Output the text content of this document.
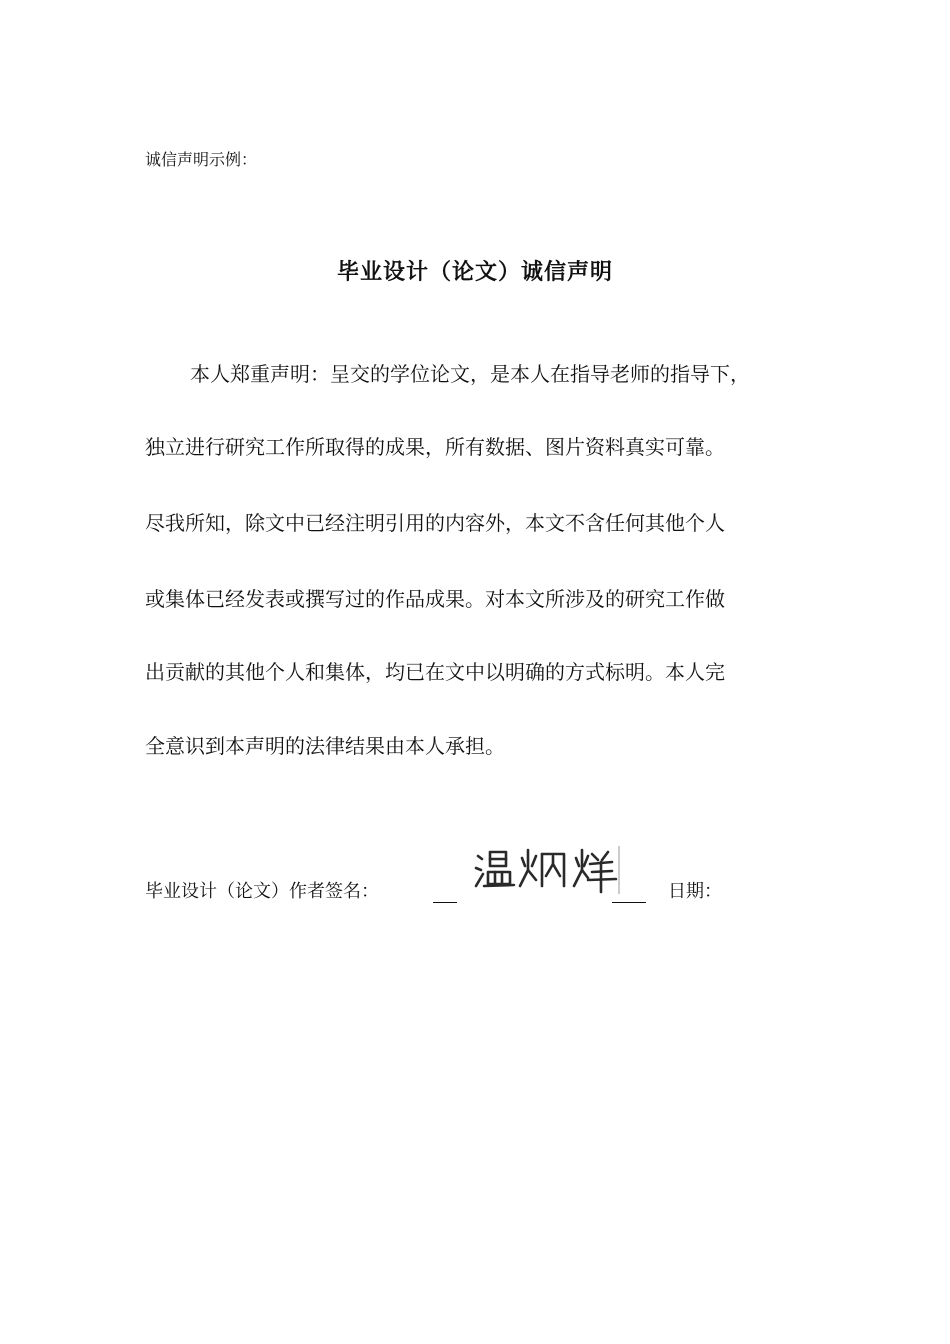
诚信声明示例：
毕业设计（论文）诚信声明
本人郑重声明：呈交的学位论文，是本人在指导老师的指导下，
独立进行研究工作所取得的成果，所有数据、图片资料真实可靠。
尽我所知，除文中已经注明引用的内容外，本文不含任何其他个人
或集体已经发表或撰写过的作品成果。对本文所涉及的研究工作做
出贡献的其他个人和集体，均已在文中以明确的方式标明。本人完
全意识到本声明的法律结果由本人承担。
毕业设计（论文）作者签名：	日期：
